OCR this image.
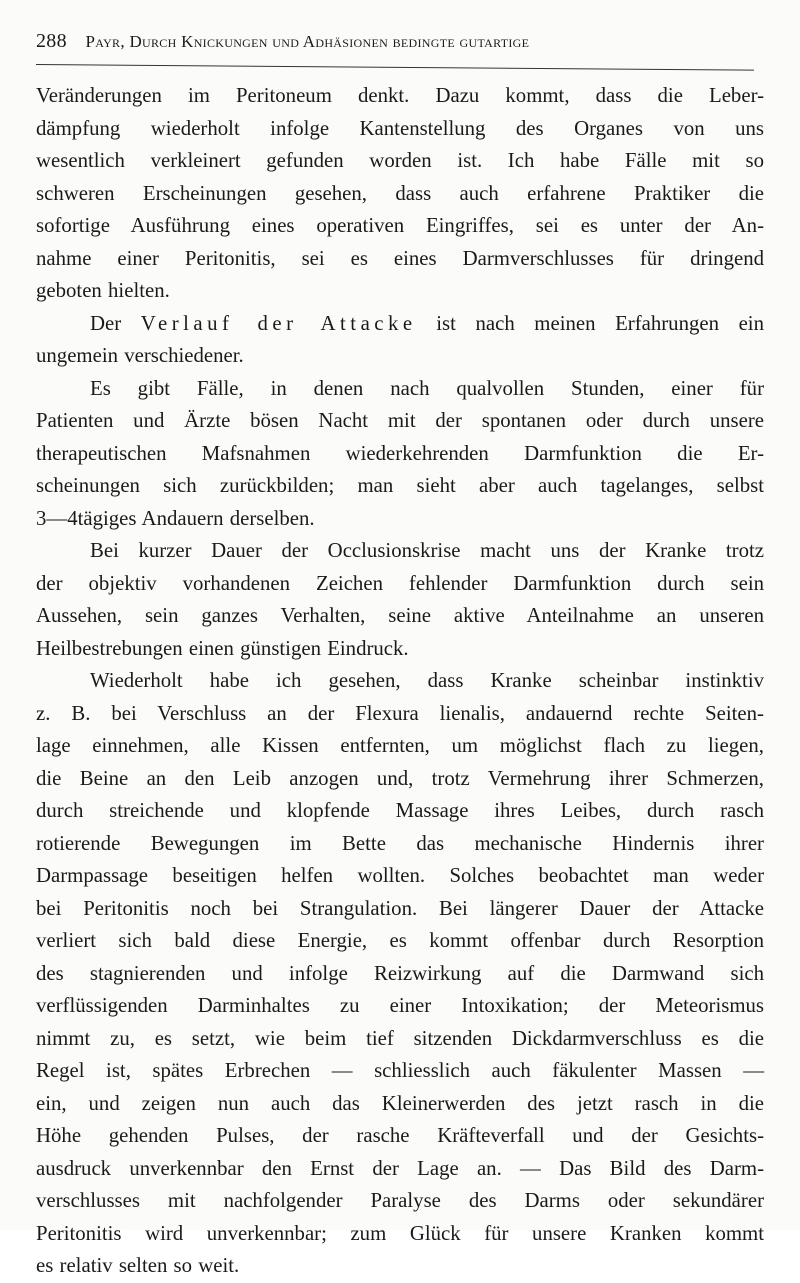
288 Payr, Durch Knickungen und Adhäsionen bedingte gutartige
Veränderungen im Peritoneum denkt. Dazu kommt, dass die Leber-
dämpfung wiederholt infolge Kantenstellung des Organes von uns
wesentlich verkleinert gefunden worden ist. Ich habe Fälle mit so
schweren Erscheinungen gesehen, dass auch erfahrene Praktiker die
sofortige Ausführung eines operativen Eingriffes, sei es unter der An-
nahme einer Peritonitis, sei es eines Darmverschlusses für dringend
geboten hielten.
Der Verlauf der Attacke ist nach meinen Erfahrungen ein
ungemein verschiedener.
Es gibt Fälle, in denen nach qualvollen Stunden, einer für
Patienten und Ärzte bösen Nacht mit der spontanen oder durch unsere
therapeutischen Mafsnahmen wiederkehrenden Darmfunktion die Er-
scheinungen sich zurückbilden; man sieht aber auch tagelanges, selbst
3—4tägiges Andauern derselben.
Bei kurzer Dauer der Occlusionskrise macht uns der Kranke trotz
der objektiv vorhandenen Zeichen fehlender Darmfunktion durch sein
Aussehen, sein ganzes Verhalten, seine aktive Anteilnahme an unseren
Heilbestrebungen einen günstigen Eindruck.
Wiederholt habe ich gesehen, dass Kranke scheinbar instinktiv
z. B. bei Verschluss an der Flexura lienalis, andauernd rechte Seiten-
lage einnehmen, alle Kissen entfernten, um möglichst flach zu liegen,
die Beine an den Leib anzogen und, trotz Vermehrung ihrer Schmerzen,
durch streichende und klopfende Massage ihres Leibes, durch rasch
rotierende Bewegungen im Bette das mechanische Hindernis ihrer
Darmpassage beseitigen helfen wollten. Solches beobachtet man weder
bei Peritonitis noch bei Strangulation. Bei längerer Dauer der Attacke
verliert sich bald diese Energie, es kommt offenbar durch Resorption
des stagnierenden und infolge Reizwirkung auf die Darmwand sich
verflüssigenden Darminhaltes zu einer Intoxikation; der Meteorismus
nimmt zu, es setzt, wie beim tief sitzenden Dickdarmverschluss es die
Regel ist, spätes Erbrechen — schliesslich auch fäkulenter Massen —
ein, und zeigen nun auch das Kleinerwerden des jetzt rasch in die
Höhe gehenden Pulses, der rasche Kräfteverfall und der Gesichts-
ausdruck unverkennbar den Ernst der Lage an. — Das Bild des Darm-
verschlusses mit nachfolgender Paralyse des Darms oder sekundärer
Peritonitis wird unverkennbar; zum Glück für unsere Kranken kommt
es relativ selten so weit.
